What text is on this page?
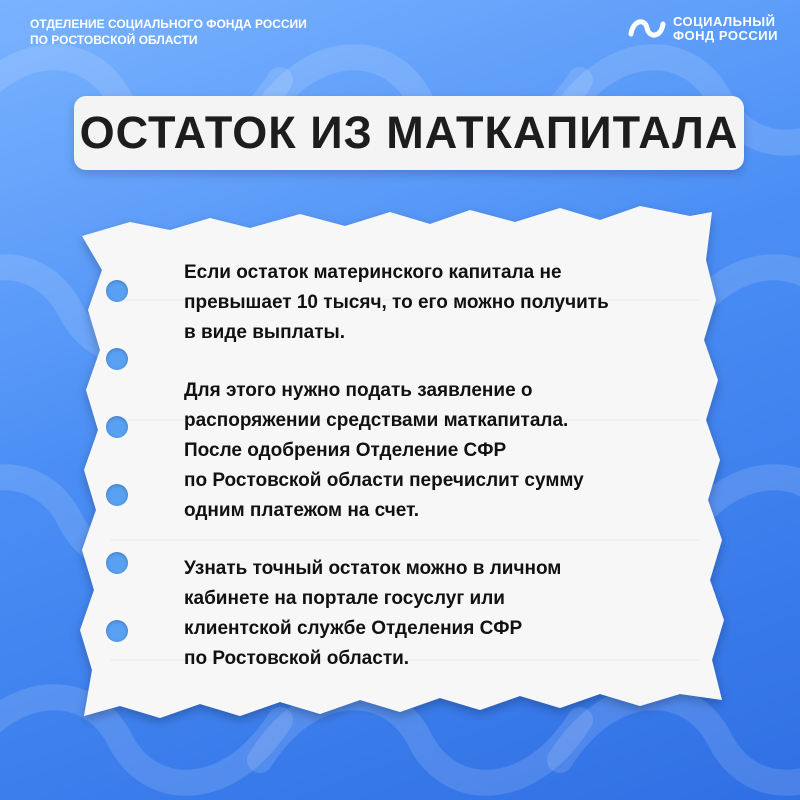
ОТДЕЛЕНИЕ СОЦИАЛЬНОГО ФОНДА РОССИИ
ПО РОСТОВСКОЙ ОБЛАСТИ
СОЦИАЛЬНЫЙ
ФОНД РОССИИ
ОСТАТОК ИЗ МАТКАПИТАЛА
Если остаток материнского капитала не
превышает 10 тысяч, то его можно получить
в виде выплаты.
Для этого нужно подать заявление о
распоряжении средствами маткапитала.
После одобрения Отделение СФР
по Ростовской области перечислит сумму
одним платежом на счет.
Узнать точный остаток можно в личном
кабинете на портале госуслуг или
клиентской службе Отделения СФР
по Ростовской области.
